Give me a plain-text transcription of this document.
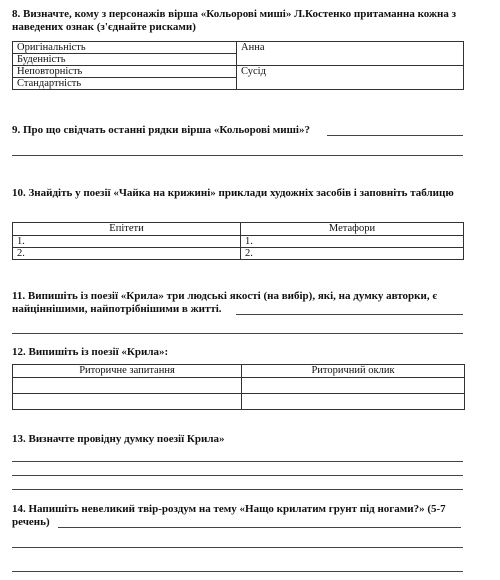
8. Визначте, кому з персонажів вірша «Кольорові миші» Л.Костенко притаманна кожна з наведених ознак (з'єднайте рисками)
Оригінальність	Анна
Буденність	
Неповторність	Сусід
Стандартність	
9. Про що свідчать останні рядки вірша «Кольорові миші»?
10. Знайдіть у поезії «Чайка на крижині» приклади художніх засобів і заповніть таблицю
Епітети	Метафори
1.	1.
2.	2.
11. Випишіть із поезії «Крила» три людські якості (на вибір), які, на думку авторки, є найціннішими, найпотрібнішими в житті.
12. Випишіть із поезії «Крила»:
Риторичне запитання	Риторичний оклик

13. Визначте провідну думку поезії Крила»
14. Напишіть невеликий твір-роздум на тему «Нащо крилатим грунт під ногами?» (5-7 речень)
